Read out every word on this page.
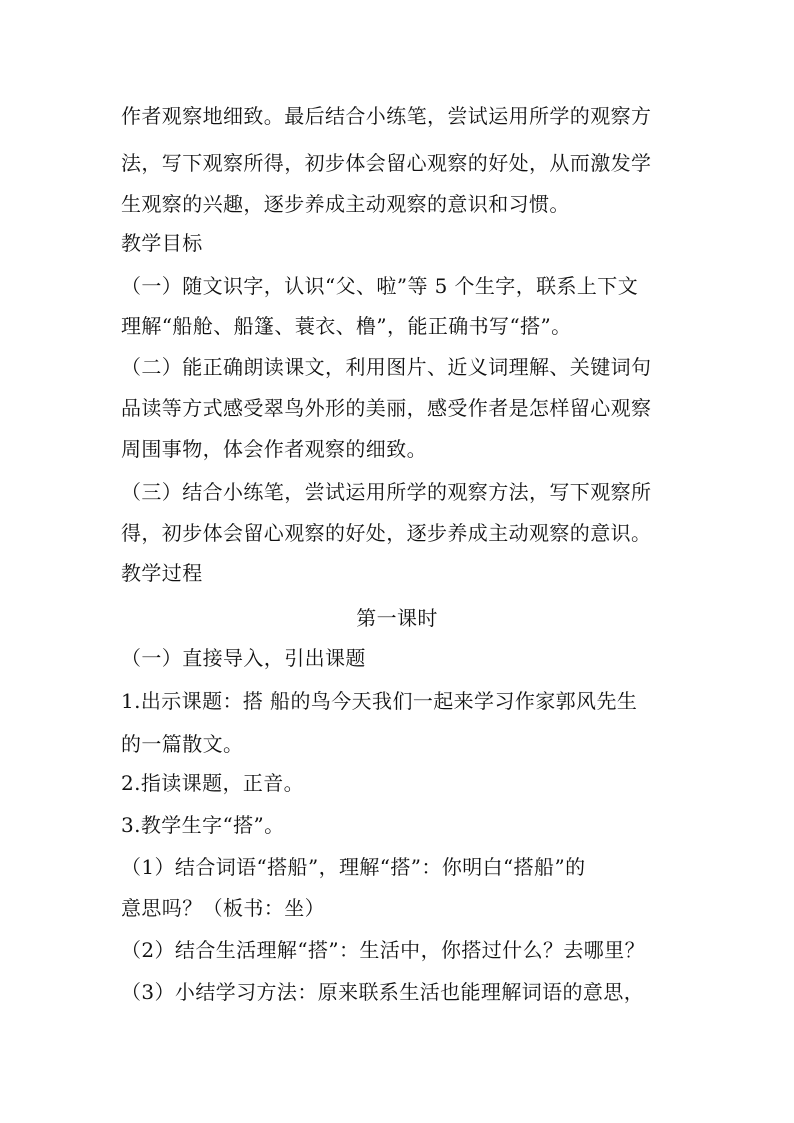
作者观察地细致。最后结合小练笔，尝试运用所学的观察方
法，写下观察所得，初步体会留心观察的好处，从而激发学
生观察的兴趣，逐步养成主动观察的意识和习惯。
教学目标
（一）随文识字，认识“父、啦”等 5 个生字，联系上下文
理解“船舱、船篷、蓑衣、橹”，能正确书写“搭”。
（二）能正确朗读课文，利用图片、近义词理解、关键词句
品读等方式感受翠鸟外形的美丽，感受作者是怎样留心观察
周围事物，体会作者观察的细致。
（三）结合小练笔，尝试运用所学的观察方法，写下观察所
得，初步体会留心观察的好处，逐步养成主动观察的意识。
教学过程
第一课时
（一）直接导入，引出课题
1.出示课题：搭 船的鸟今天我们一起来学习作家郭风先生
的一篇散文。
2.指读课题，正音。
3.教学生字“搭”。
（1）结合词语“搭船”，理解“搭”：你明白“搭船”的
意思吗？（板书：坐）
（2）结合生活理解“搭”：生活中，你搭过什么？去哪里？
（3）小结学习方法：原来联系生活也能理解词语的意思，
